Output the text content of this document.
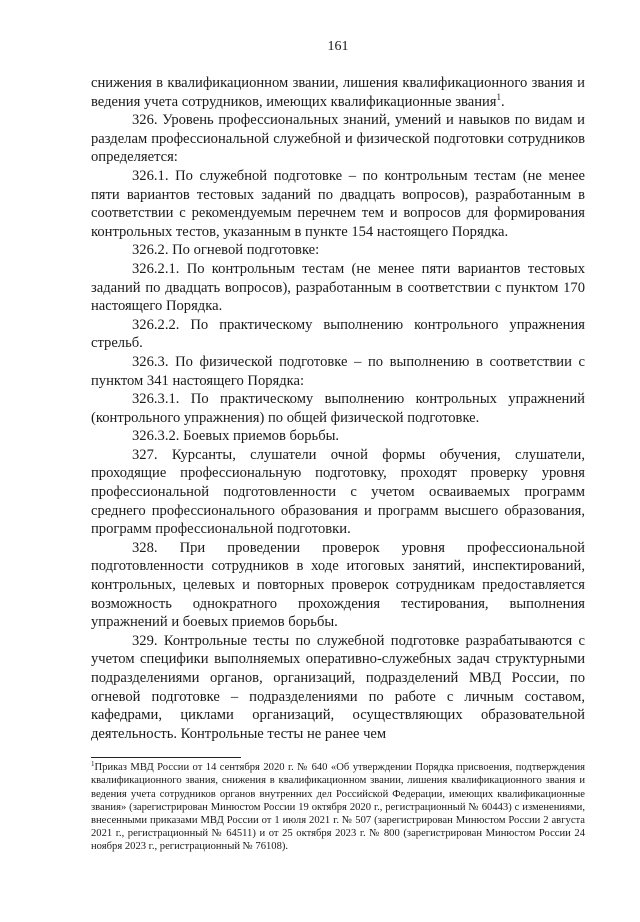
161

снижения в квалификационном звании, лишения квалификационного звания и ведения учета сотрудников, имеющих квалификационные звания$^1$.

326. Уровень профессиональных знаний, умений и навыков по видам и разделам профессиональной служебной и физической подготовки сотрудников определяется:

326.1. По служебной подготовке – по контрольным тестам (не менее пяти вариантов тестовых заданий по двадцать вопросов), разработанным в соответствии с рекомендуемым перечнем тем и вопросов для формирования контрольных тестов, указанным в пункте 154 настоящего Порядка.

326.2. По огневой подготовке:

326.2.1. По контрольным тестам (не менее пяти вариантов тестовых заданий по двадцать вопросов), разработанным в соответствии с пунктом 170 настоящего Порядка.

326.2.2. По практическому выполнению контрольного упражнения стрельб.

326.3. По физической подготовке – по выполнению в соответствии с пунктом 341 настоящего Порядка:

326.3.1. По практическому выполнению контрольных упражнений (контрольного упражнения) по общей физической подготовке.

326.3.2. Боевых приемов борьбы.

327. Курсанты, слушатели очной формы обучения, слушатели, проходящие профессиональную подготовку, проходят проверку уровня профессиональной подготовленности с учетом осваиваемых программ среднего профессионального образования и программ высшего образования, программ профессиональной подготовки.

328. При проведении проверок уровня профессиональной подготовленности сотрудников в ходе итоговых занятий, инспектирований, контрольных, целевых и повторных проверок сотрудникам предоставляется возможность однократного прохождения тестирования, выполнения упражнений и боевых приемов борьбы.

329. Контрольные тесты по служебной подготовке разрабатываются с учетом специфики выполняемых оперативно-служебных задач структурными подразделениями органов, организаций, подразделений МВД России, по огневой подготовке – подразделениями по работе с личным составом, кафедрами, циклами организаций, осуществляющих образовательной деятельность. Контрольные тесты не ранее чем

$^1$Приказ МВД России от 14 сентября 2020 г. № 640 «Об утверждении Порядка присвоения, подтверждения квалификационного звания, снижения в квалификационном звании, лишения квалификационного звания и ведения учета сотрудников органов внутренних дел Российской Федерации, имеющих квалификационные звания» (зарегистрирован Минюстом России 19 октября 2020 г., регистрационный № 60443) с изменениями, внесенными приказами МВД России от 1 июля 2021 г. № 507 (зарегистрирован Минюстом России 2 августа 2021 г., регистрационный № 64511) и от 25 октября 2023 г. № 800 (зарегистрирован Минюстом России 24 ноября 2023 г., регистрационный № 76108).
